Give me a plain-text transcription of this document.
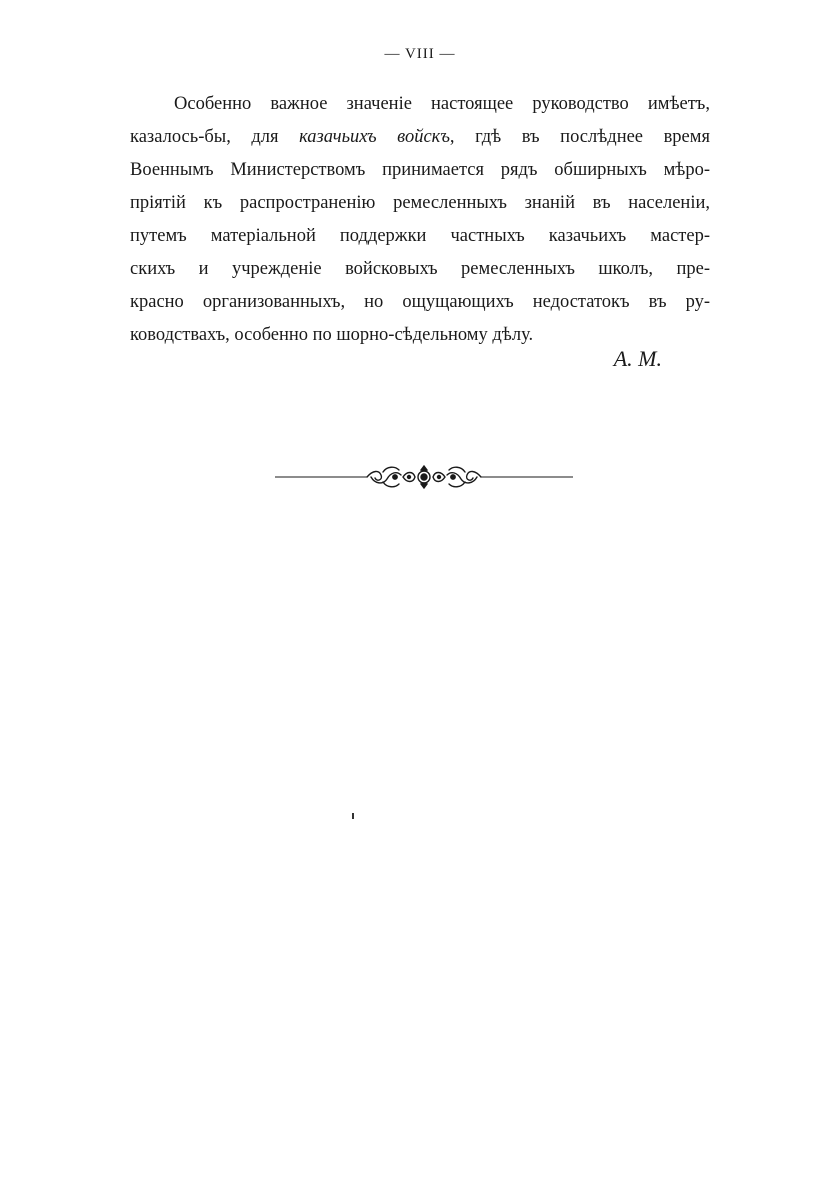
— VIII —
Особенно важное значенiе настоящее руководство имѣетъ,
казалось-бы, для казачьихъ войскъ, гдѣ въ послѣднее время
Военнымъ Министерствомъ принимается рядъ обширныхъ мѣро-
прiятiй къ распространенiю ремесленныхъ знанiй въ населенiи,
путемъ матерiальной поддержки частныхъ казачьихъ мастер-
скихъ и учрежденiе войсковыхъ ремесленныхъ школъ, пре-
красно организованныхъ, но ощущающихъ недостатокъ въ ру-
ководствахъ, особенно по шорно-сѣдельному дѣлу.
А. М.
